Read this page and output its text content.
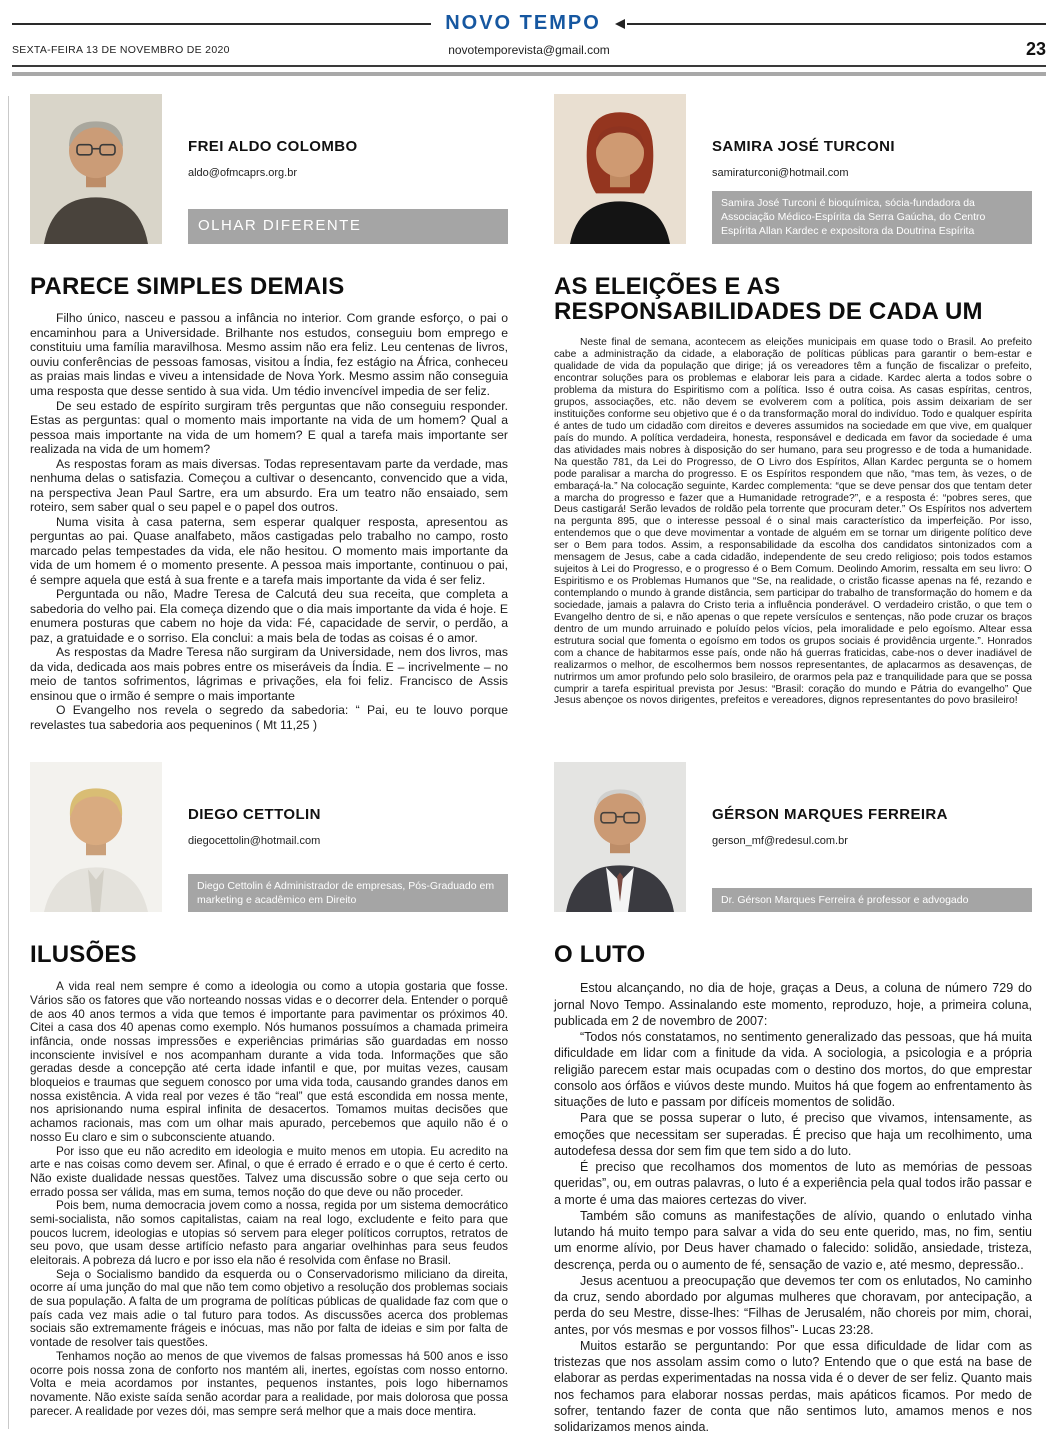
NOVO TEMPO
SEXTA-FEIRA 13 DE NOVEMBRO DE 2020	novotemporevista@gmail.com	23
FREI ALDO COLOMBO
aldo@ofmcaprs.org.br
OLHAR DIFERENTE
PARECE SIMPLES DEMAIS

Filho único, nasceu e passou a infância no interior. Com grande esforço, o pai o encaminhou para a Universidade. Brilhante nos estudos, conseguiu bom emprego e constituiu uma família maravilhosa. Mesmo assim não era feliz. Leu centenas de livros, ouviu conferências de pessoas famosas, visitou a Índia, fez estágio na África, conheceu as praias mais lindas e viveu a intensidade de Nova York. Mesmo assim não conseguia uma resposta que desse sentido à sua vida. Um tédio invencível impedia de ser feliz.

De seu estado de espírito surgiram três perguntas que não conseguiu responder. Estas as perguntas: qual o momento mais importante na vida de um homem? Qual a pessoa mais importante na vida de um homem? E qual a tarefa mais importante ser realizada na vida de um homem?

As respostas foram as mais diversas. Todas representavam parte da verdade, mas nenhuma delas o satisfazia. Começou a cultivar o desencanto, convencido que a vida, na perspectiva Jean Paul Sartre, era um absurdo. Era um teatro não ensaiado, sem roteiro, sem saber qual o seu papel e o papel dos outros.

Numa visita à casa paterna, sem esperar qualquer resposta, apresentou as perguntas ao pai. Quase analfabeto, mãos castigadas pelo trabalho no campo, rosto marcado pelas tempestades da vida, ele não hesitou. O momento mais importante da vida de um homem é o momento presente. A pessoa mais importante, continuou o pai, é sempre aquela que está à sua frente e a tarefa mais importante da vida é ser feliz.

Perguntada ou não, Madre Teresa de Calcutá deu sua receita, que completa a sabedoria do velho pai. Ela começa dizendo que o dia mais importante da vida é hoje. E enumera posturas que cabem no hoje da vida: Fé, capacidade de servir, o perdão, a paz, a gratuidade e o sorriso. Ela conclui: a mais bela de todas as coisas é o amor.

As respostas da Madre Teresa não surgiram da Universidade, nem dos livros, mas da vida, dedicada aos mais pobres entre os miseráveis da Índia. E – incrivelmente – no meio de tantos sofrimentos, lágrimas e privações, ela foi feliz. Francisco de Assis ensinou que o irmão é sempre o mais importante

O Evangelho nos revela o segredo da sabedoria: “ Pai, eu te louvo porque revelastes tua sabedoria aos pequeninos ( Mt 11,25 )

SAMIRA JOSÉ TURCONI
samiraturconi@hotmail.com
Samira José Turconi é bioquímica, sócia-fundadora da Associação Médico-Espírita da Serra Gaúcha, do Centro Espírita Allan Kardec e expositora da Doutrina Espírita
AS ELEIÇÕES E AS RESPONSABILIDADES DE CADA UM

Neste final de semana, acontecem as eleições municipais em quase todo o Brasil. Ao prefeito cabe a administração da cidade, a elaboração de políticas públicas para garantir o bem-estar e qualidade de vida da população que dirige; já os vereadores têm a função de fiscalizar o prefeito, encontrar soluções para os problemas e elaborar leis para a cidade. Kardec alerta a todos sobre o problema da mistura do Espiritismo com a política. Isso é outra coisa. As casas espíritas, centros, grupos, associações, etc. não devem se evolverem com a política, pois assim deixariam de ser instituições conforme seu objetivo que é o da transformação moral do indivíduo. Todo e qualquer espírita é antes de tudo um cidadão com direitos e deveres assumidos na sociedade em que vive, em qualquer país do mundo. A política verdadeira, honesta, responsável e dedicada em favor da sociedade é uma das atividades mais nobres à disposição do ser humano, para seu progresso e de toda a humanidade. Na questão 781, da Lei do Progresso, de O Livro dos Espíritos, Allan Kardec pergunta se o homem pode paralisar a marcha do progresso. E os Espíritos respondem que não, “mas tem, às vezes, o de embaraçá-la.” Na colocação seguinte, Kardec complementa: “que se deve pensar dos que tentam deter a marcha do progresso e fazer que a Humanidade retrograde?”, e a resposta é: “pobres seres, que Deus castigará! Serão levados de roldão pela torrente que procuram deter.” Os Espíritos nos advertem na pergunta 895, que o interesse pessoal é o sinal mais característico da imperfeição. Por isso, entendemos que o que deve movimentar a vontade de alguém em se tornar um dirigente político deve ser o Bem para todos. Assim, a responsabilidade da escolha dos candidatos sintonizados com a mensagem de Jesus, cabe a cada cidadão, independente de seu credo religioso; pois todos estamos sujeitos à Lei do Progresso, e o progresso é o Bem Comum. Deolindo Amorim, ressalta em seu livro: O Espiritismo e os Problemas Humanos que “Se, na realidade, o cristão ficasse apenas na fé, rezando e contemplando o mundo à grande distância, sem participar do trabalho de transformação do homem e da sociedade, jamais a palavra do Cristo teria a influência ponderável. O verdadeiro cristão, o que tem o Evangelho dentro de si, e não apenas o que repete versículos e sentenças, não pode cruzar os braços dentro de um mundo arruinado e poluído pelos vícios, pela imoralidade e pelo egoísmo. Altear essa estrutura social que fomenta o egoísmo em todos os grupos sociais é providência urgente.”. Honrados com a chance de habitarmos esse país, onde não há guerras fraticidas, cabe-nos o dever inadiável de realizarmos o melhor, de escolhermos bem nossos representantes, de aplacarmos as desavenças, de nutrirmos um amor profundo pelo solo brasileiro, de orarmos pela paz e tranquilidade para que se possa cumprir a tarefa espiritual prevista por Jesus: “Brasil: coração do mundo e Pátria do evangelho” Que Jesus abençoe os novos dirigentes, prefeitos e vereadores, dignos representantes do povo brasileiro!

DIEGO CETTOLIN
diegocettolin@hotmail.com
Diego Cettolin é Administrador de empresas, Pós-Graduado em marketing e acadêmico em Direito
ILUSÕES

A vida real nem sempre é como a ideologia ou como a utopia gostaria que fosse. Vários são os fatores que vão norteando nossas vidas e o decorrer dela. Entender o porquê de aos 40 anos termos a vida que temos é importante para pavimentar os próximos 40. Citei a casa dos 40 apenas como exemplo. Nós humanos possuímos a chamada primeira infância, onde nossas impressões e experiências primárias são guardadas em nosso inconsciente invisível e nos acompanham durante a vida toda. Informações que são geradas desde a concepção até certa idade infantil e que, por muitas vezes, causam bloqueios e traumas que seguem conosco por uma vida toda, causando grandes danos em nossa existência. A vida real por vezes é tão “real” que está escondida em nossa mente, nos aprisionando numa espiral infinita de desacertos. Tomamos muitas decisões que achamos racionais, mas com um olhar mais apurado, percebemos que aquilo não é o nosso Eu claro e sim o subconsciente atuando.

Por isso que eu não acredito em ideologia e muito menos em utopia. Eu acredito na arte e nas coisas como devem ser. Afinal, o que é errado é errado e o que é certo é certo. Não existe dualidade nessas questões. Talvez uma discussão sobre o que seja certo ou errado possa ser válida, mas em suma, temos noção do que deve ou não proceder.

Pois bem, numa democracia jovem como a nossa, regida por um sistema democrático semi-socialista, não somos capitalistas, caiam na real logo, excludente e feito para que poucos lucrem, ideologias e utopias só servem para eleger políticos corruptos, retratos de seu povo, que usam desse artifício nefasto para angariar ovelhinhas para seus feudos eleitorais. A pobreza dá lucro e por isso ela não é resolvida com ênfase no Brasil.

Seja o Socialismo bandido da esquerda ou o Conservadorismo miliciano da direita, ocorre aí uma junção do mal que não tem como objetivo a resolução dos problemas sociais de sua população. A falta de um programa de políticas públicas de qualidade faz com que o país cada vez mais adie o tal futuro para todos. As discussões acerca dos problemas sociais são extremamente frágeis e inócuas, mas não por falta de ideias e sim por falta de vontade de resolver tais questões.

Tenhamos noção ao menos de que vivemos de falsas promessas há 500 anos e isso ocorre pois nossa zona de conforto nos mantém ali, inertes, egoístas com nosso entorno. Volta e meia acordamos por instantes, pequenos instantes, pois logo hibernamos novamente. Não existe saída senão acordar para a realidade, por mais dolorosa que possa parecer. A realidade por vezes dói, mas sempre será melhor que a mais doce mentira.

GÉRSON MARQUES FERREIRA
gerson_mf@redesul.com.br
Dr. Gérson Marques Ferreira é professor e advogado
O LUTO

Estou alcançando, no dia de hoje, graças a Deus, a coluna de número 729 do jornal Novo Tempo. Assinalando este momento, reproduzo, hoje, a primeira coluna, publicada em 2 de novembro de 2007:

“Todos nós constatamos, no sentimento generalizado das pessoas, que há muita dificuldade em lidar com a finitude da vida. A sociologia, a psicologia e a própria religião parecem estar mais ocupadas com o destino dos mortos, do que emprestar consolo aos órfãos e viúvos deste mundo. Muitos há que fogem ao enfrentamento às situações de luto e passam por difíceis momentos de solidão.

Para que se possa superar o luto, é preciso que vivamos, intensamente, as emoções que necessitam ser superadas. É preciso que haja um recolhimento, uma autodefesa dessa dor sem fim que tem sido a do luto.

É preciso que recolhamos dos momentos de luto as memórias de pessoas queridas”, ou, em outras palavras, o luto é a experiência pela qual todos irão passar e a morte é uma das maiores certezas do viver.

Também são comuns as manifestações de alívio, quando o enlutado vinha lutando há muito tempo para salvar a vida do seu ente querido, mas, no fim, sentiu um enorme alívio, por Deus haver chamado o falecido: solidão, ansiedade, tristeza, descrença, perda ou o aumento de fé, sensação de vazio e, até mesmo, depressão..

Jesus acentuou a preocupação que devemos ter com os enlutados, No caminho da cruz, sendo abordado por algumas mulheres que choravam, por antecipação, a perda do seu Mestre, disse-lhes: “Filhas de Jerusalém, não choreis por mim, chorai, antes, por vós mesmas e por vossos filhos”- Lucas 23:28.

Muitos estarão se perguntando: Por que essa dificuldade de lidar com as tristezas que nos assolam assim como o luto? Entendo que o que está na base de elaborar as perdas experimentadas na nossa vida é o dever de ser feliz. Quanto mais nos fechamos para elaborar nossas perdas, mais apáticos ficamos. Por medo de sofrer, tentando fazer de conta que não sentimos luto, amamos menos e nos solidarizamos menos ainda.
